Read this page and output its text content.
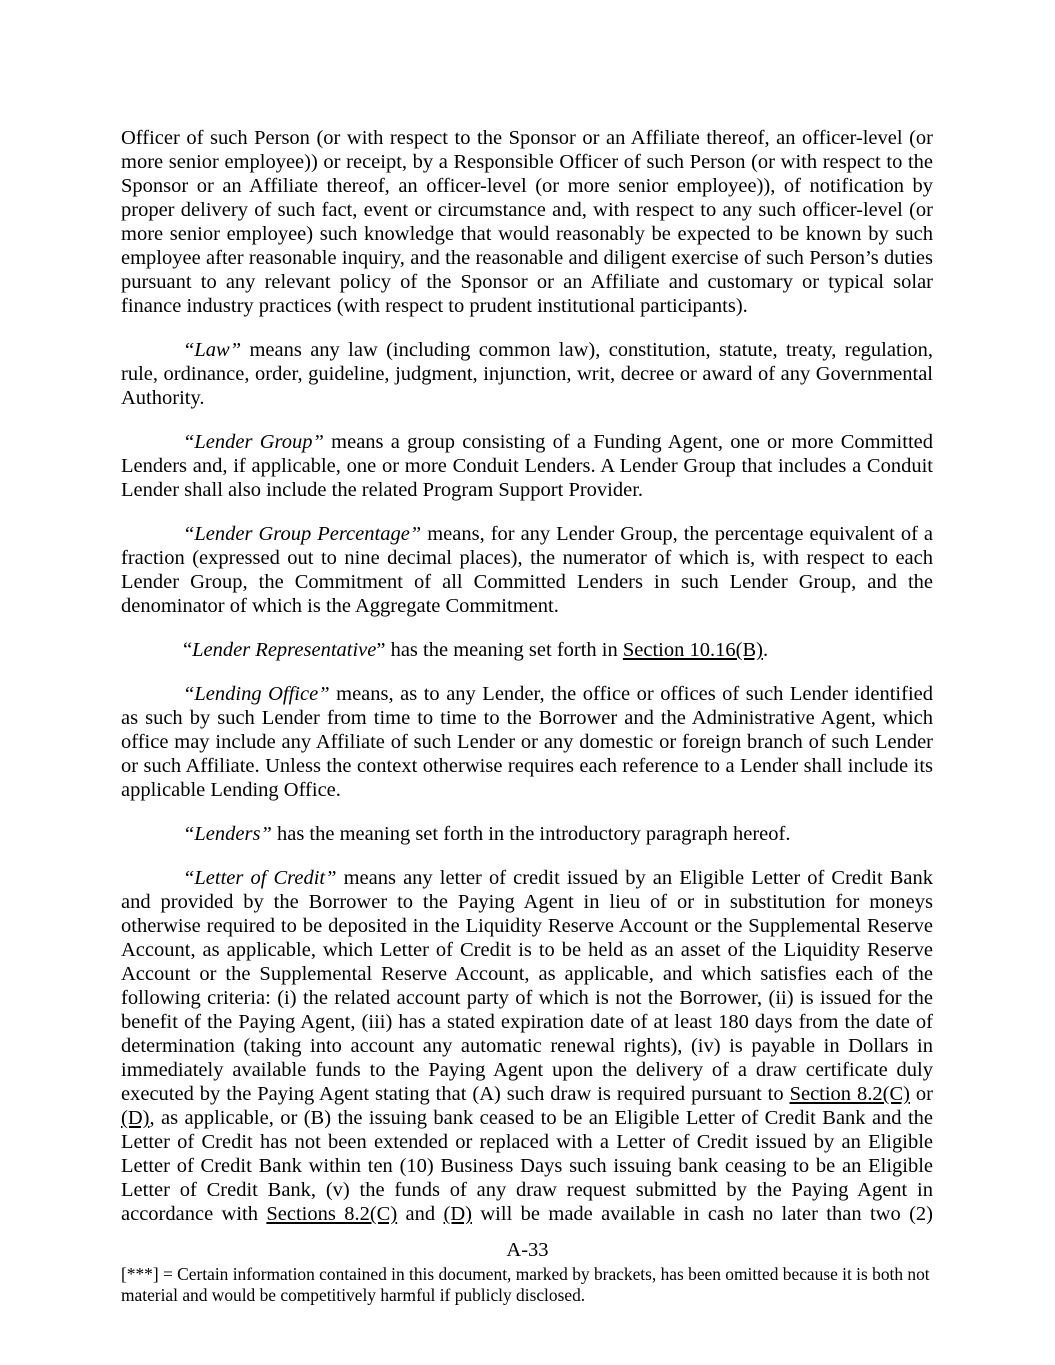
Officer of such Person (or with respect to the Sponsor or an Affiliate thereof, an officer-level (or more senior employee)) or receipt, by a Responsible Officer of such Person (or with respect to the Sponsor or an Affiliate thereof, an officer-level (or more senior employee)), of notification by proper delivery of such fact, event or circumstance and, with respect to any such officer-level (or more senior employee) such knowledge that would reasonably be expected to be known by such employee after reasonable inquiry, and the reasonable and diligent exercise of such Person’s duties pursuant to any relevant policy of the Sponsor or an Affiliate and customary or typical solar finance industry practices (with respect to prudent institutional participants).

“Law” means any law (including common law), constitution, statute, treaty, regulation, rule, ordinance, order, guideline, judgment, injunction, writ, decree or award of any Governmental Authority.

“Lender Group” means a group consisting of a Funding Agent, one or more Committed Lenders and, if applicable, one or more Conduit Lenders. A Lender Group that includes a Conduit Lender shall also include the related Program Support Provider.

“Lender Group Percentage” means, for any Lender Group, the percentage equivalent of a fraction (expressed out to nine decimal places), the numerator of which is, with respect to each Lender Group, the Commitment of all Committed Lenders in such Lender Group, and the denominator of which is the Aggregate Commitment.

“Lender Representative” has the meaning set forth in Section 10.16(B).

“Lending Office” means, as to any Lender, the office or offices of such Lender identified as such by such Lender from time to time to the Borrower and the Administrative Agent, which office may include any Affiliate of such Lender or any domestic or foreign branch of such Lender or such Affiliate. Unless the context otherwise requires each reference to a Lender shall include its applicable Lending Office.

“Lenders” has the meaning set forth in the introductory paragraph hereof.

“Letter of Credit” means any letter of credit issued by an Eligible Letter of Credit Bank and provided by the Borrower to the Paying Agent in lieu of or in substitution for moneys otherwise required to be deposited in the Liquidity Reserve Account or the Supplemental Reserve Account, as applicable, which Letter of Credit is to be held as an asset of the Liquidity Reserve Account or the Supplemental Reserve Account, as applicable, and which satisfies each of the following criteria: (i) the related account party of which is not the Borrower, (ii) is issued for the benefit of the Paying Agent, (iii) has a stated expiration date of at least 180 days from the date of determination (taking into account any automatic renewal rights), (iv) is payable in Dollars in immediately available funds to the Paying Agent upon the delivery of a draw certificate duly executed by the Paying Agent stating that (A) such draw is required pursuant to Section 8.2(C) or (D), as applicable, or (B) the issuing bank ceased to be an Eligible Letter of Credit Bank and the Letter of Credit has not been extended or replaced with a Letter of Credit issued by an Eligible Letter of Credit Bank within ten (10) Business Days such issuing bank ceasing to be an Eligible Letter of Credit Bank, (v) the funds of any draw request submitted by the Paying Agent in accordance with Sections 8.2(C) and (D) will be made available in cash no later than two (2)

A-33
[***] = Certain information contained in this document, marked by brackets, has been omitted because it is both not material and would be competitively harmful if publicly disclosed.
